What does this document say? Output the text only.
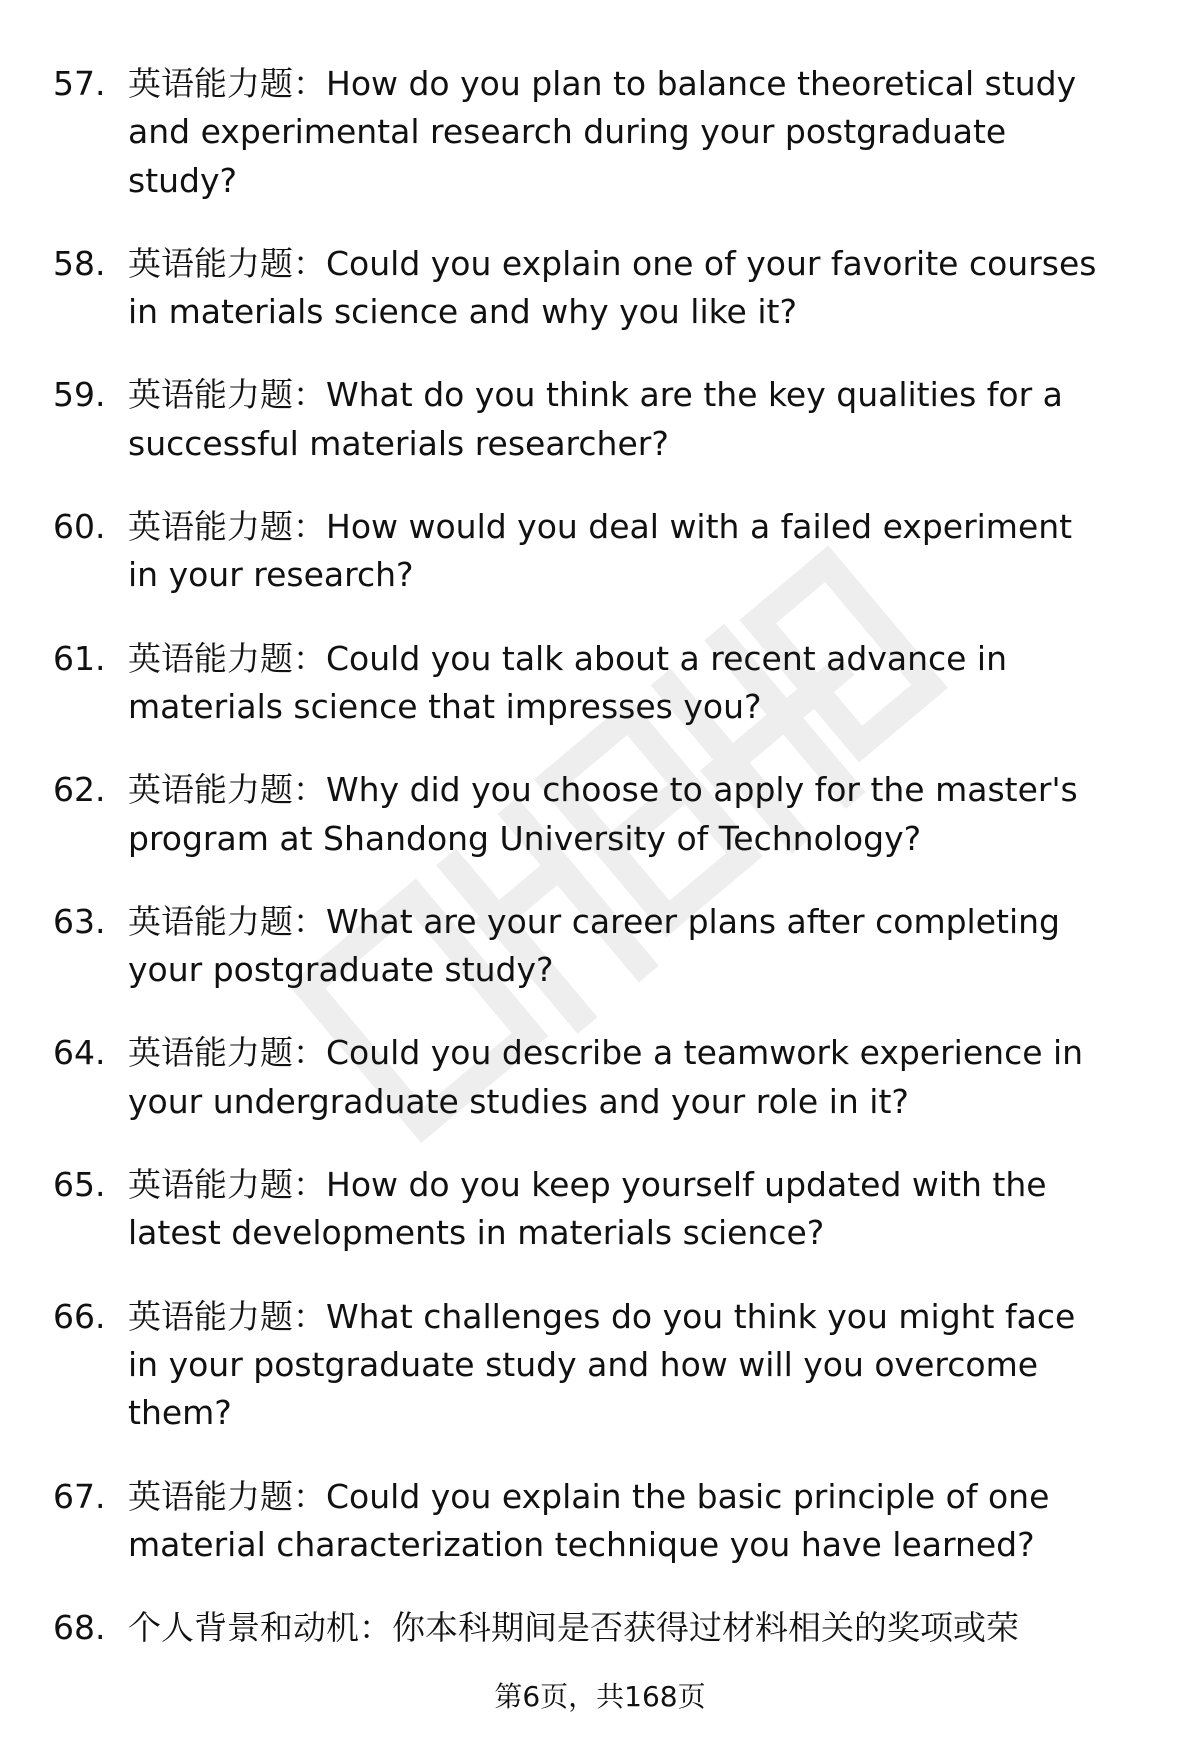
57. 英语能力题：How do you plan to balance theoretical study
and experimental research during your postgraduate
study?
58. 英语能力题：Could you explain one of your favorite courses
in materials science and why you like it?
59. 英语能力题：What do you think are the key qualities for a
successful materials researcher?
60. 英语能力题：How would you deal with a failed experiment
in your research?
61. 英语能力题：Could you talk about a recent advance in
materials science that impresses you?
62. 英语能力题：Why did you choose to apply for the master's
program at Shandong University of Technology?
63. 英语能力题：What are your career plans after completing
your postgraduate study?
64. 英语能力题：Could you describe a teamwork experience in
your undergraduate studies and your role in it?
65. 英语能力题：How do you keep yourself updated with the
latest developments in materials science?
66. 英语能力题：What challenges do you think you might face
in your postgraduate study and how will you overcome
them?
67. 英语能力题：Could you explain the basic principle of one
material characterization technique you have learned?
68. 个人背景和动机：你本科期间是否获得过材料相关的奖项或荣
第6页，共168页
